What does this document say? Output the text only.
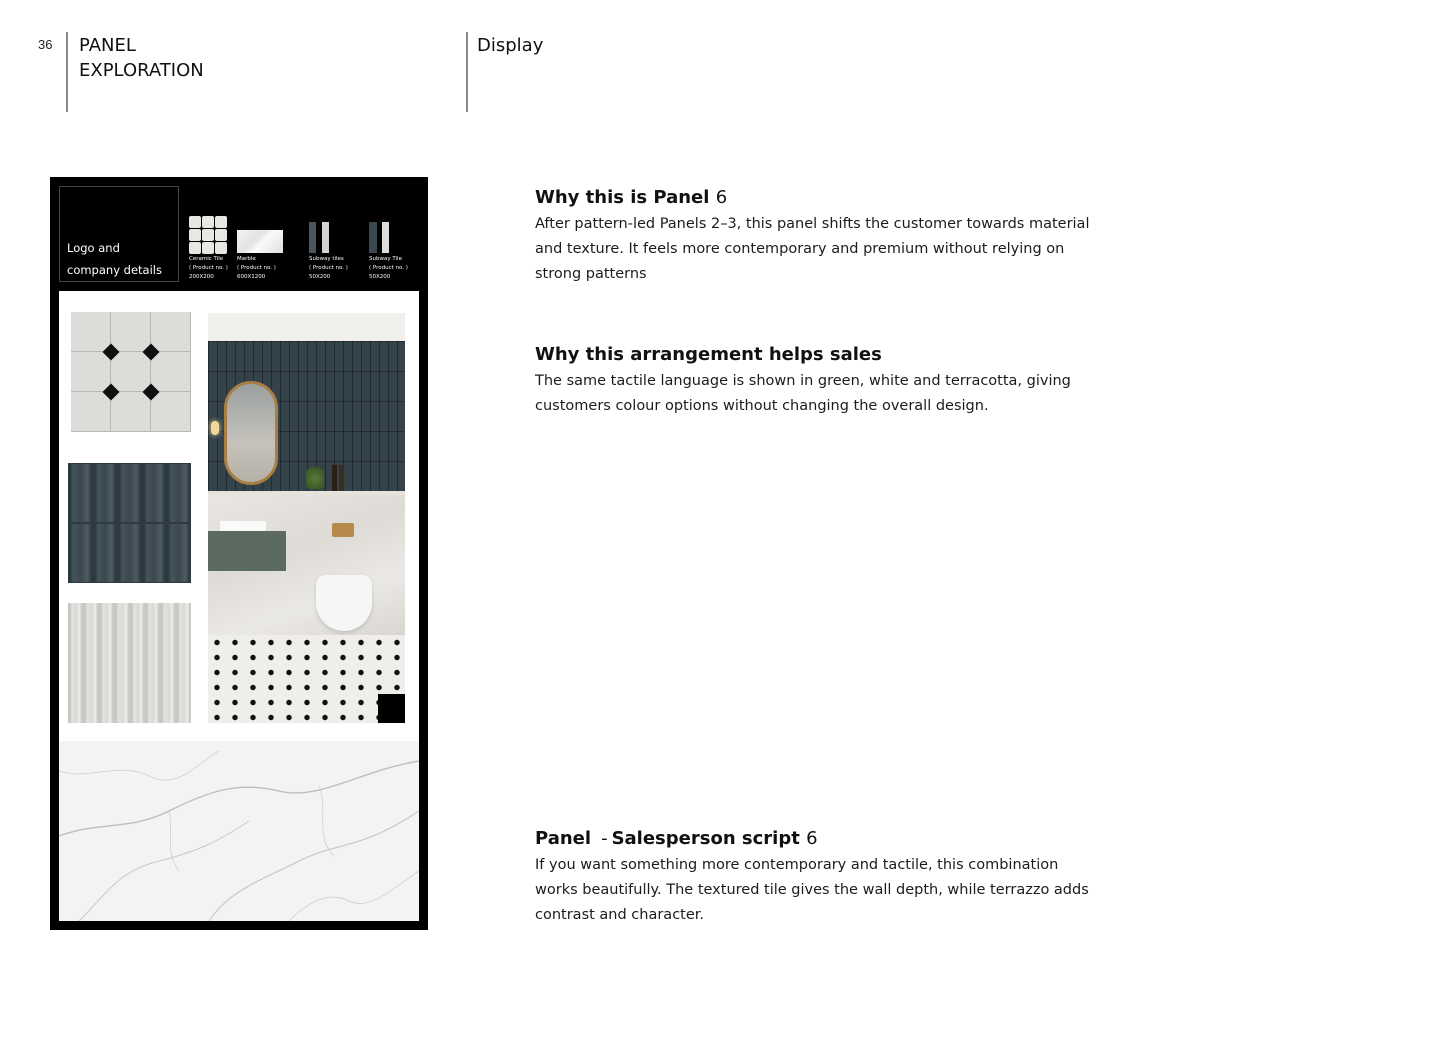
36 PANEL
EXPLORATION
Display
Logo and
company details
Ceramic Tile
( Product no. )
200X200
Marble
( Product no. )
600X1200
Subway tiles
( Product no. )
50X200
Subway Tile
( Product no. )
50X200
Why this is Panel 6
After pattern-led Panels 2–3, this panel shifts the customer towards material and texture. It feels more contemporary and premium without relying on strong patterns
Why this arrangement helps sales
The same tactile language is shown in green, white and terracotta, giving customers colour options without changing the overall design.
Panel - Salesperson script 6
If you want something more contemporary and tactile, this combination works beautifully. The textured tile gives the wall depth, while terrazzo adds contrast and character.
